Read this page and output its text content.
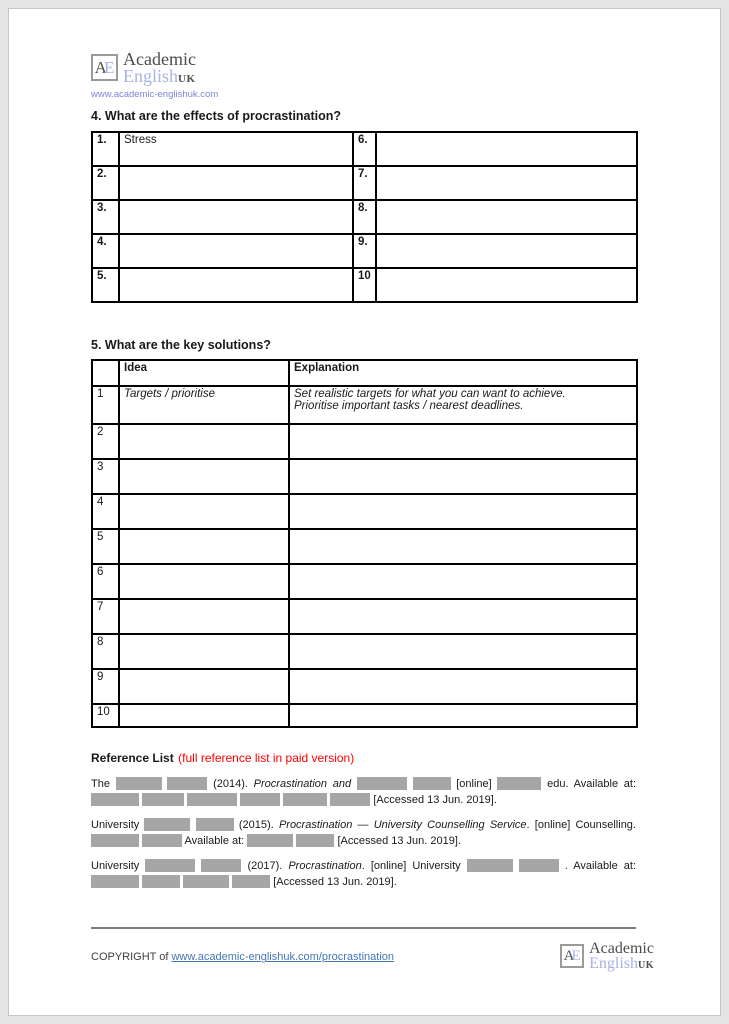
A E Academic
EnglishUK
www.academic-englishuk.com
4. What are the effects of procrastination?
1.	Stress	6.	
2.		7.	
3.		8.	
4.		9.	
5.		10	
5. What are the key solutions?
	Idea	Explanation
1	Targets / prioritise	Set realistic targets for what you can want to achieve.
Prioritise important tasks / nearest deadlines.
2		
3		
4		
5		
6		
7		
8		
9		
10		
Reference List (full reference list in paid version)

The	(2014). Procrastination and	[online]	edu. Available at:       [Accessed 13 Jun. 2019].

University	(2015). Procrastination — University Counselling Service. [online] Counselling.   Available at:	[Accessed 13 Jun. 2019].

University	(2017). Procrastination. [online] University	. Available at:     [Accessed 13 Jun. 2019].

COPYRIGHT of www.academic-englishuk.com/procrastination	A E Academic
EnglishUK
